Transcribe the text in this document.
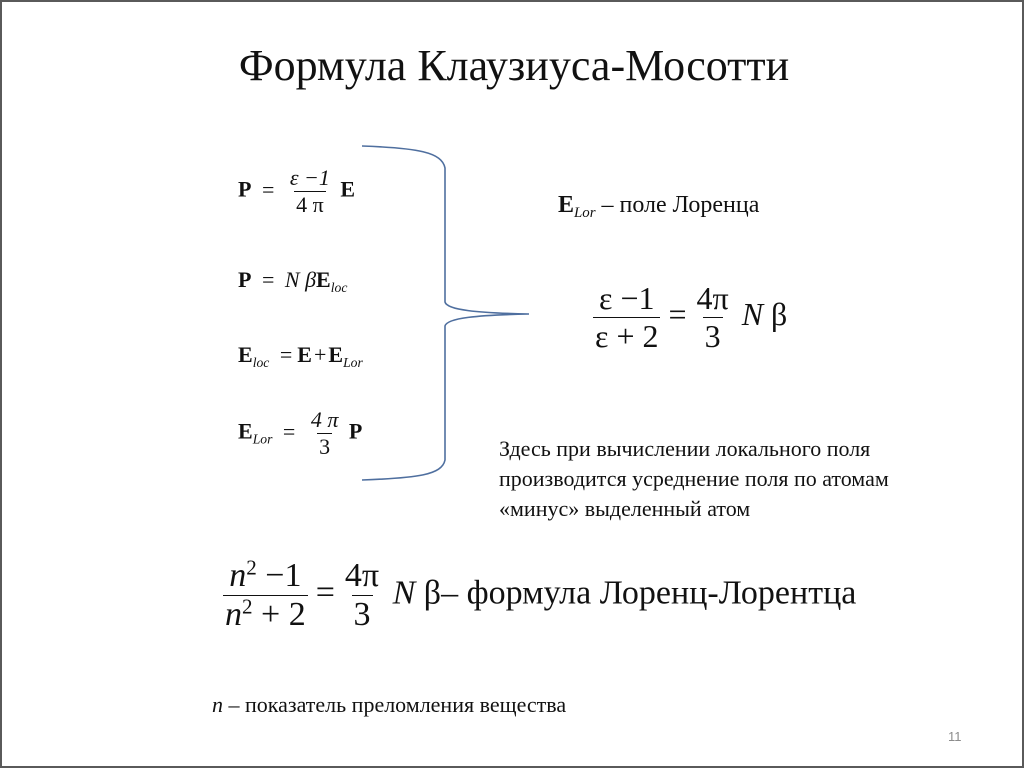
Формула Клаузиуса-Мосотти
$P = \frac{\varepsilon -1}{4 \pi}$ E
P = N $\beta E_{loc}$
$E_{loc} = E+E_{Lor}$
$E_{Lor} = \frac{4 \pi}{3}$ P
$E_{Lor}$ – поле Лоренца
$\frac{\varepsilon -1}{\varepsilon + 2} = \frac{4\pi}{3}$ N β
Здесь при вычислении локального поля
производится усреднение поля по атомам
«минус» выделенный атом
$\frac{n^2 -1}{n^2 + 2} = \frac{4\pi}{3}$ N β– формула Лоренц-Лорентца
n – показатель преломления вещества
11
